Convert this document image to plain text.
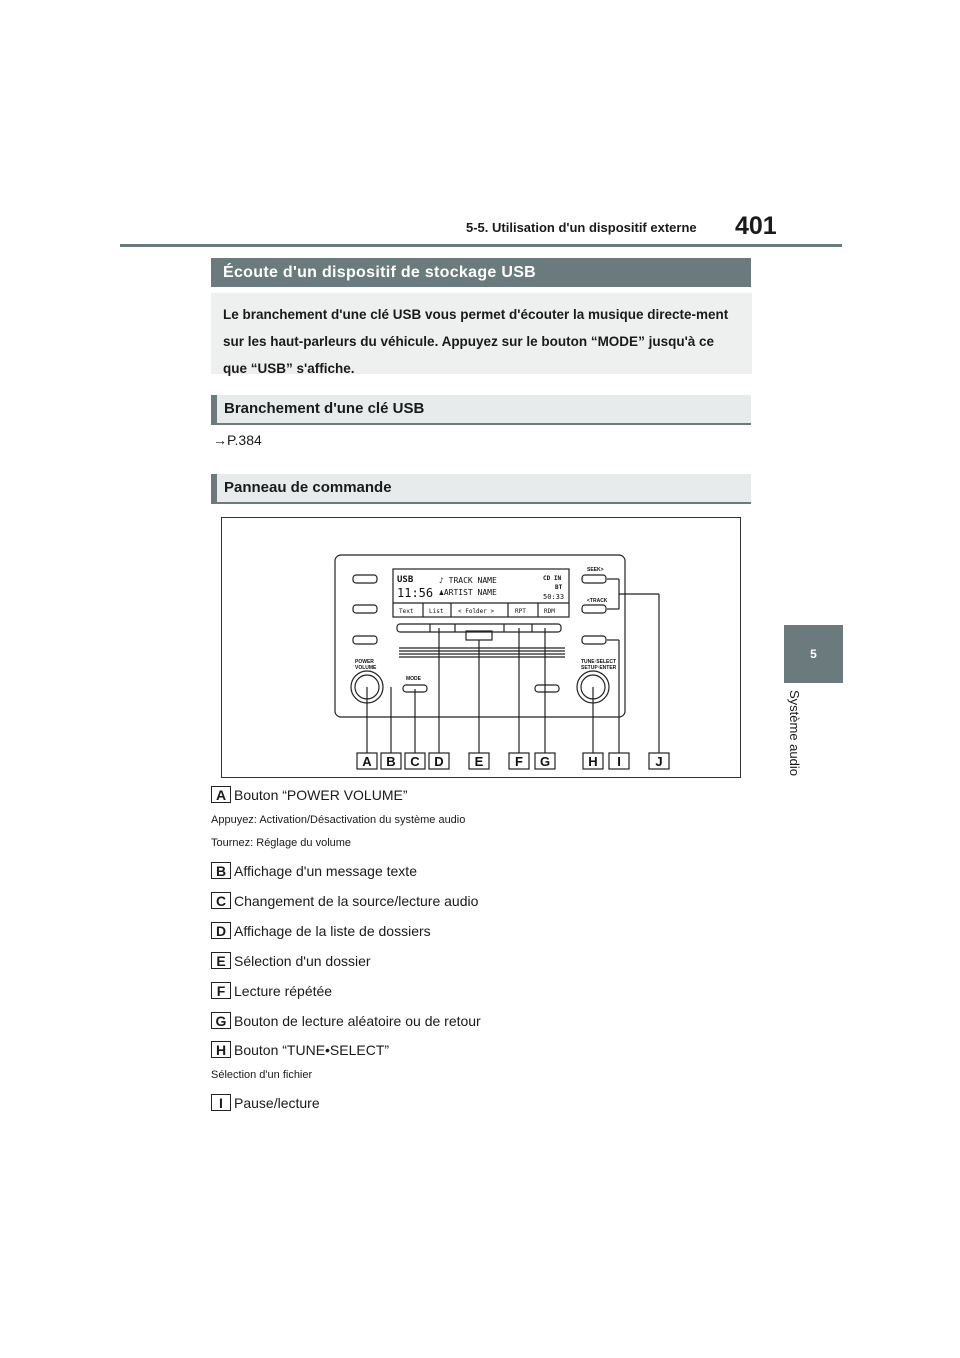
401
5-5. Utilisation d'un dispositif externe
5
Système audio
Écoute d'un dispositif de stockage USB
Le branchement d'une clé USB vous permet d'écouter la musique directe-ment sur les haut-parleurs du véhicule. Appuyez sur le bouton “MODE” jusqu'à ce que “USB” s'affiche.
Branchement d'une clé USB
→P.384
Panneau de commande
USB
11:56
♪ TRACK NAME
♟ARTIST NAME
CD IN
BT
50:33
Text	List < Folder >	RPT	RDM
POWER VOLUME
MODE
SEEK>
<TRACK
TUNE·SELECT SETUP·ENTER
A B C D E F G	H I	J
A Bouton “POWER VOLUME”
Appuyez: Activation/Désactivation du système audio
Tournez: Réglage du volume
B Affichage d'un message texte
C Changement de la source/lecture audio
D Affichage de la liste de dossiers
E Sélection d'un dossier
F Lecture répétée
G Bouton de lecture aléatoire ou de retour
H Bouton “TUNE•SELECT”
Sélection d'un fichier
I Pause/lecture
